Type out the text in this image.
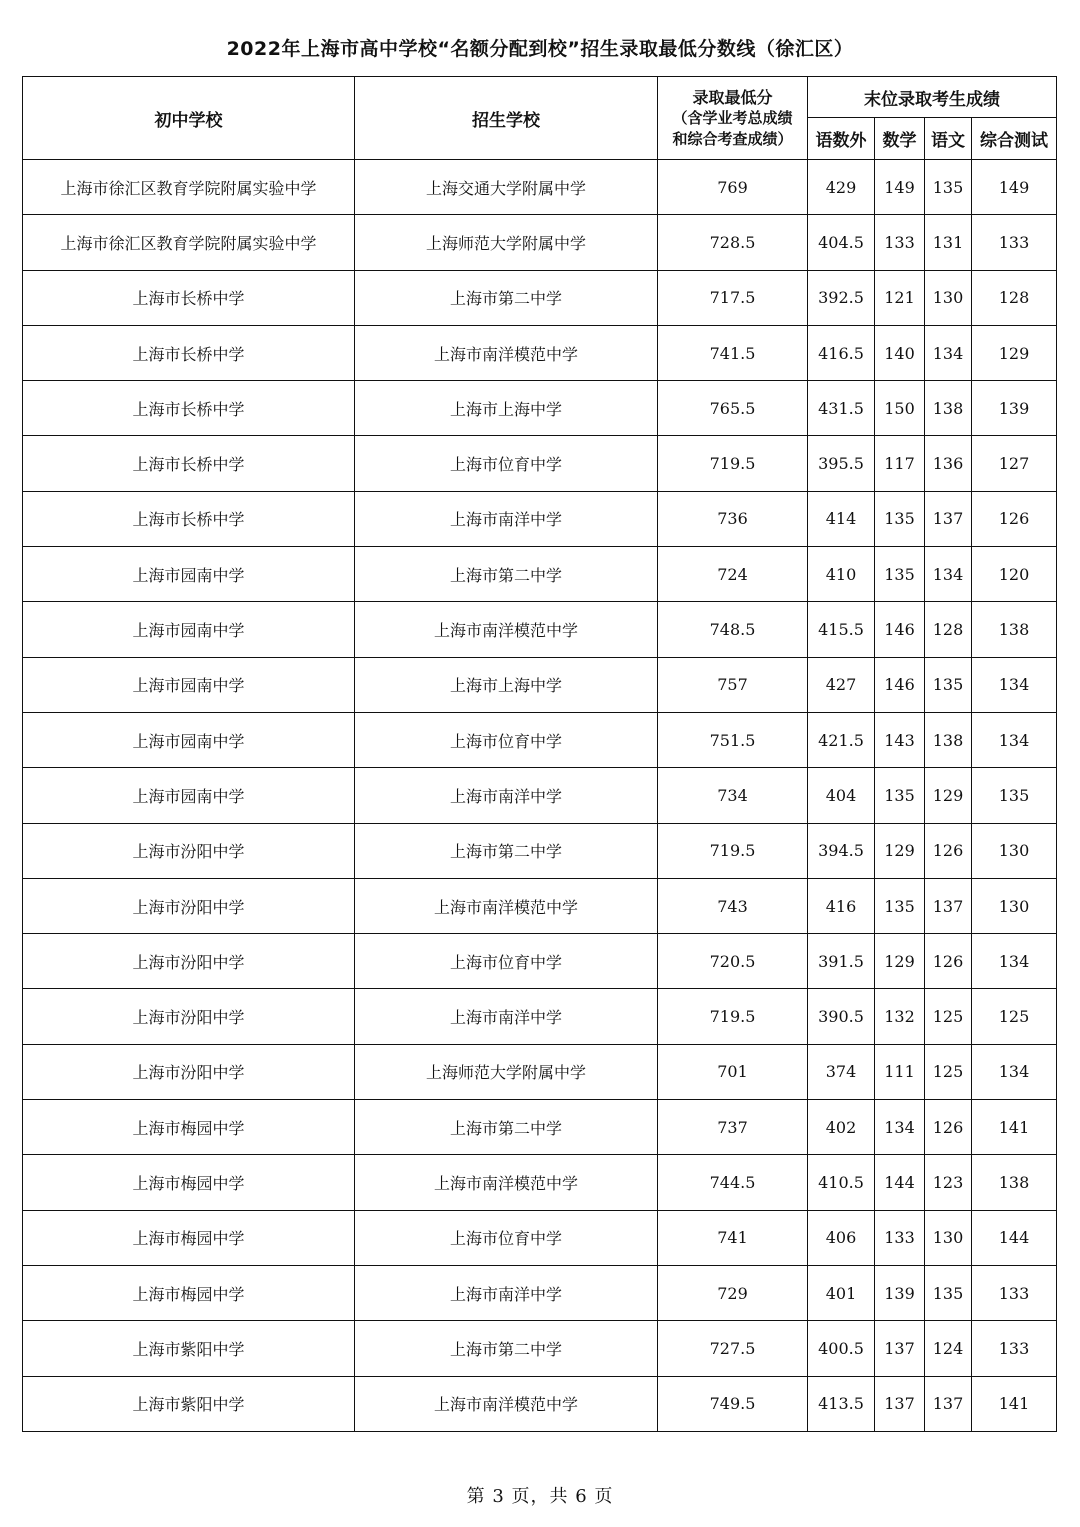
2022年上海市高中学校“名额分配到校”招生录取最低分数线（徐汇区）
初中学校	招生学校	录取最低分
（含学业考总成绩
和综合考查成绩）	末位录取考生成绩			
			语数外	数学	语文	综合测试
上海市徐汇区教育学院附属实验中学	上海交通大学附属中学	769	429	149	135	149
上海市徐汇区教育学院附属实验中学	上海师范大学附属中学	728.5	404.5	133	131	133
上海市长桥中学	上海市第二中学	717.5	392.5	121	130	128
上海市长桥中学	上海市南洋模范中学	741.5	416.5	140	134	129
上海市长桥中学	上海市上海中学	765.5	431.5	150	138	139
上海市长桥中学	上海市位育中学	719.5	395.5	117	136	127
上海市长桥中学	上海市南洋中学	736	414	135	137	126
上海市园南中学	上海市第二中学	724	410	135	134	120
上海市园南中学	上海市南洋模范中学	748.5	415.5	146	128	138
上海市园南中学	上海市上海中学	757	427	146	135	134
上海市园南中学	上海市位育中学	751.5	421.5	143	138	134
上海市园南中学	上海市南洋中学	734	404	135	129	135
上海市汾阳中学	上海市第二中学	719.5	394.5	129	126	130
上海市汾阳中学	上海市南洋模范中学	743	416	135	137	130
上海市汾阳中学	上海市位育中学	720.5	391.5	129	126	134
上海市汾阳中学	上海市南洋中学	719.5	390.5	132	125	125
上海市汾阳中学	上海师范大学附属中学	701	374	111	125	134
上海市梅园中学	上海市第二中学	737	402	134	126	141
上海市梅园中学	上海市南洋模范中学	744.5	410.5	144	123	138
上海市梅园中学	上海市位育中学	741	406	133	130	144
上海市梅园中学	上海市南洋中学	729	401	139	135	133
上海市紫阳中学	上海市第二中学	727.5	400.5	137	124	133
上海市紫阳中学	上海市南洋模范中学	749.5	413.5	137	137	141
第 3 页，共 6 页
